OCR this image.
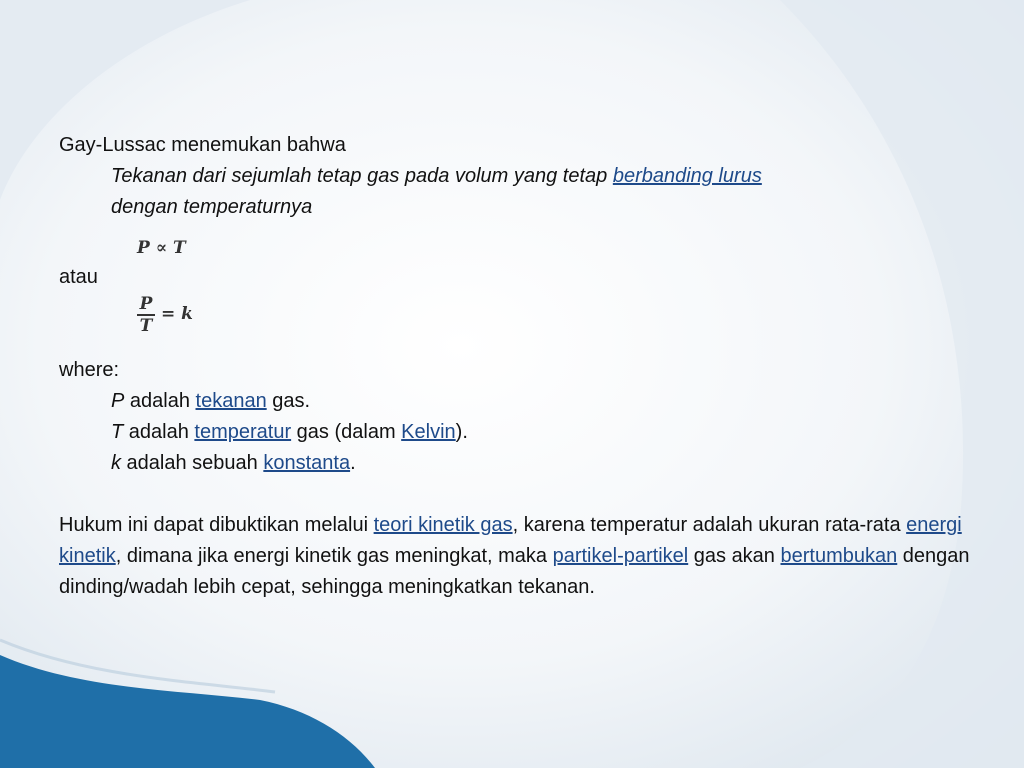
Gay-Lussac menemukan bahwa
Tekanan dari sejumlah tetap gas pada volum yang tetap berbanding lurus
dengan temperaturnya
P ∝ T
atau
P
T
= k
where:
P adalah tekanan gas.
T adalah temperatur gas (dalam Kelvin).
k adalah sebuah konstanta.

Hukum ini dapat dibuktikan melalui teori kinetik gas, karena temperatur adalah ukuran rata-rata energi kinetik, dimana jika energi kinetik gas meningkat, maka partikel-partikel gas akan bertumbukan dengan dinding/wadah lebih cepat, sehingga meningkatkan tekanan.
